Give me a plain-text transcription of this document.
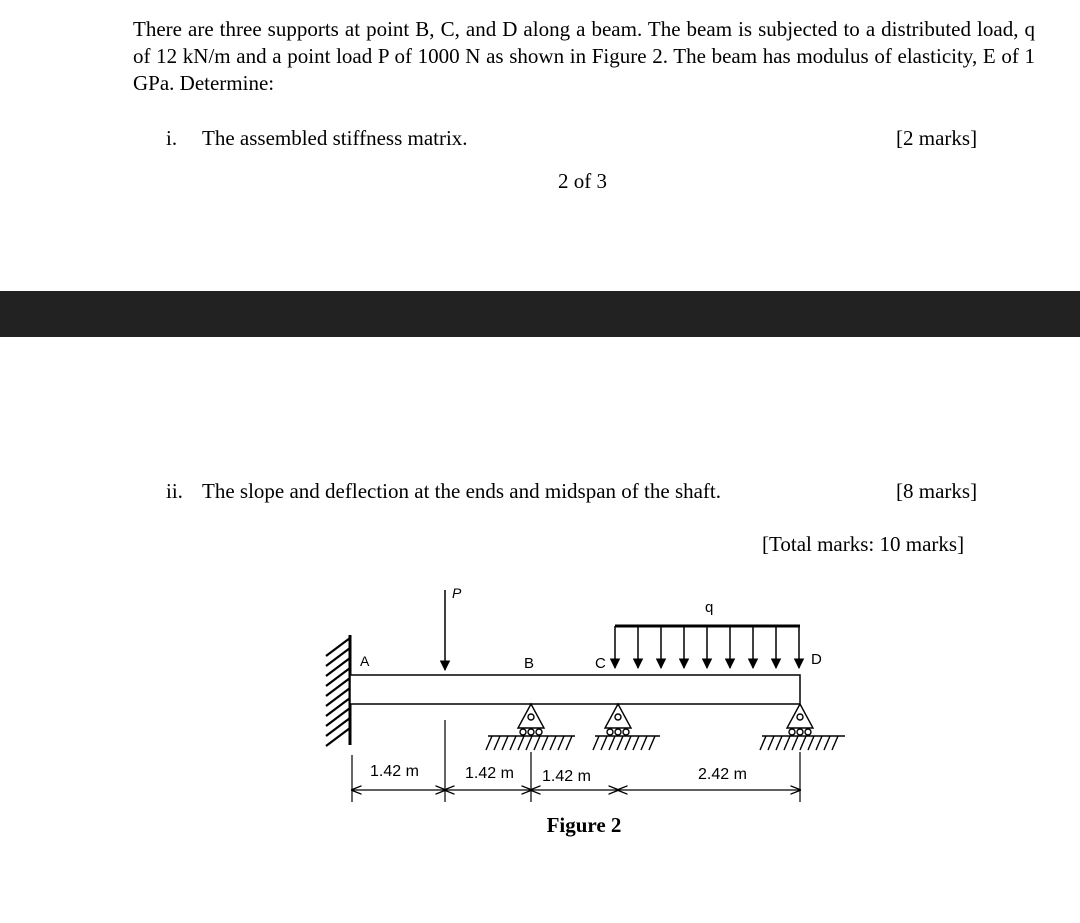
There are three supports at point B, C, and D along a beam. The beam is subjected to a distributed load, q of 12 kN/m and a point load P of 1000 N as shown in Figure 2. The beam has modulus of elasticity, E of 1 GPa. Determine:

i. The assembled stiffness matrix.	[2 marks]
2 of 3
ii. The slope and deflection at the ends and midspan of the shaft.	[8 marks]
[Total marks: 10 marks]
P
q
A	B	C	D
1.42 m	1.42 m 1.42 m	2.42 m
Figure 2
